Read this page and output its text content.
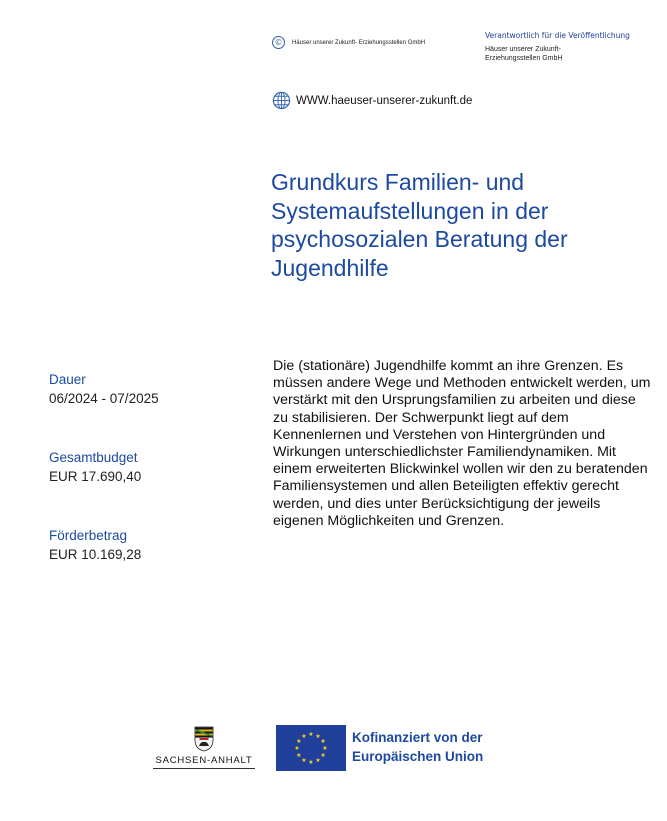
©	Häuser unserer Zukunft- Erziehungsstellen GmbH
Verantwortlich für die Veröffentlichung
Häuser unserer Zukunft- Erziehungsstellen GmbH
WWW.haeuser-unserer-zukunft.de
Grundkurs Familien- und Systemaufstellungen in der psychosozialen Beratung der Jugendhilfe
Dauer
06/2024 - 07/2025
Gesamtbudget
EUR 17.690,40
Förderbetrag
EUR 10.169,28

Die (stationäre) Jugendhilfe kommt an ihre Grenzen. Es müssen andere Wege und Methoden entwickelt werden, um verstärkt mit den Ursprungsfamilien zu arbeiten und diese zu stabilisieren. Der Schwerpunkt liegt auf dem Kennenlernen und Verstehen von Hintergründen und Wirkungen unterschiedlichster Familiendynamiken. Mit einem erweiterten Blickwinkel wollen wir den zu beratenden Familiensystemen und allen Beteiligten effektiv gerecht werden, und dies unter Berücksichtigung der jeweils eigenen Möglichkeiten und Grenzen.

SACHSEN-ANHALT
★ ★
★
★
★
★
★
★
★
★
★
★	Kofinanziert von der
Europäischen Union
